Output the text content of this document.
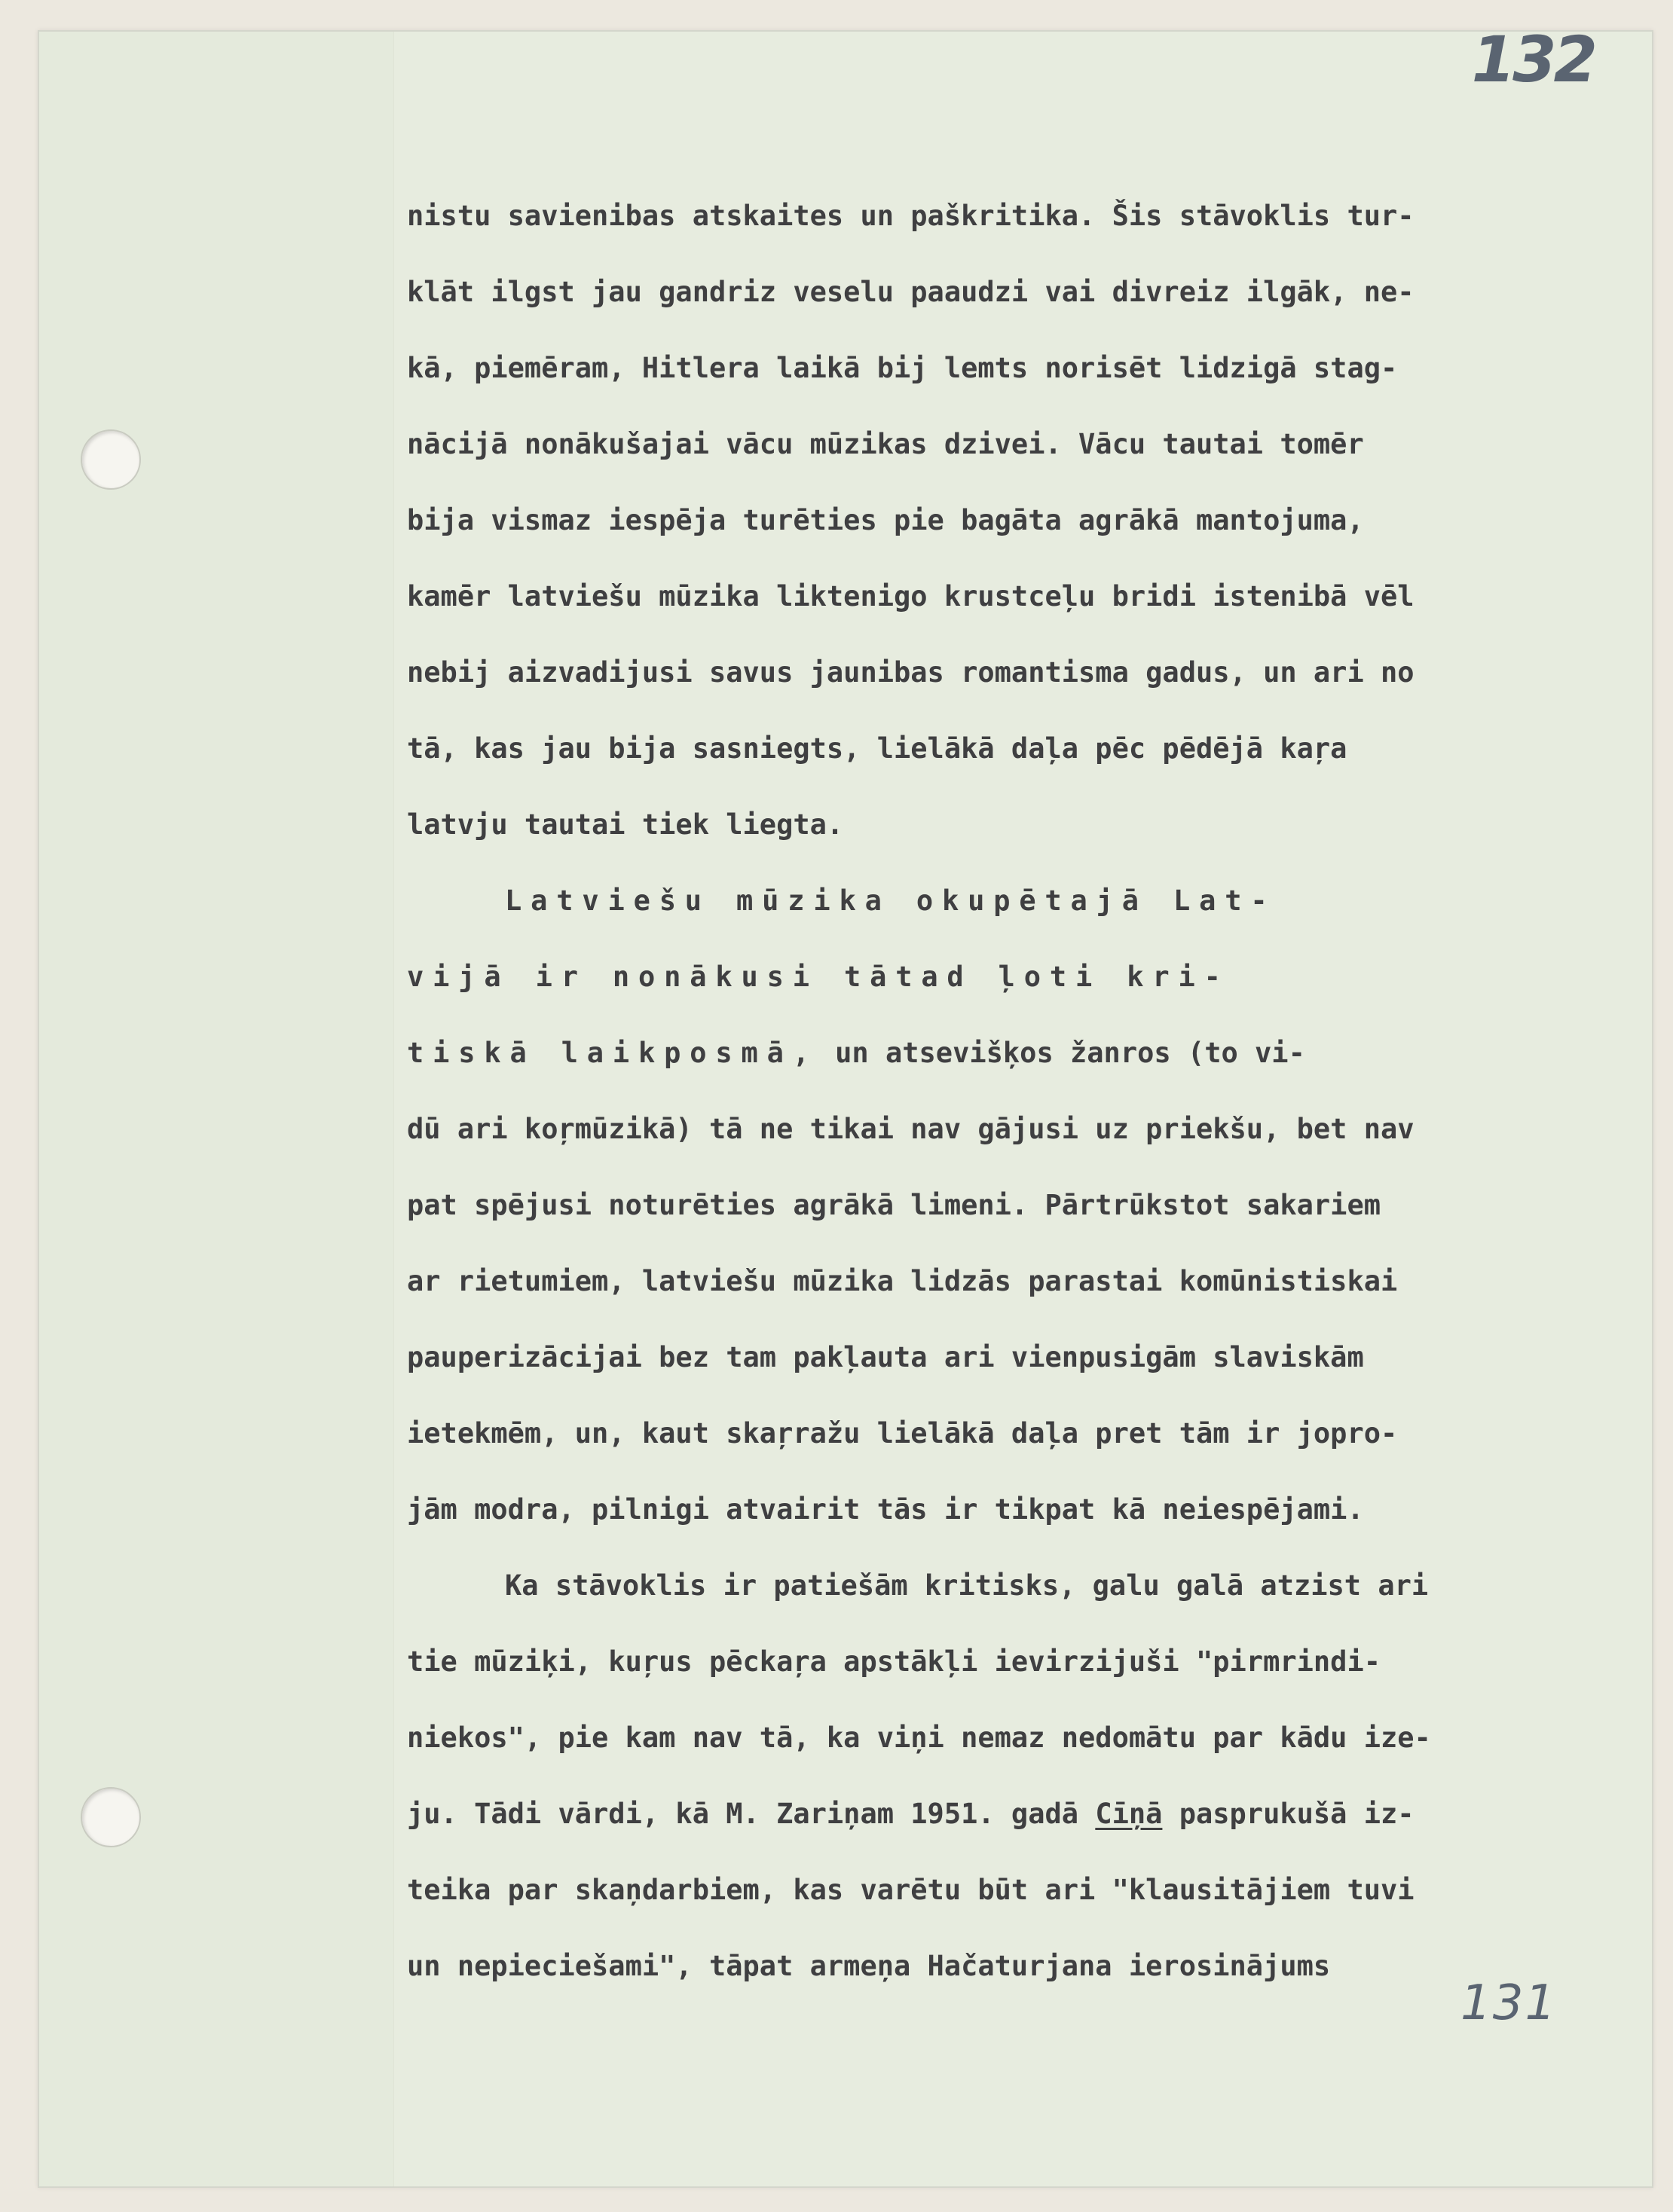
132
131
nistu savienibas atskaites un paškritika. Šis stāvoklis tur-
klāt ilgst jau gandriz veselu paaudzi vai divreiz ilgāk, ne-
kā, piemēram, Hitlera laikā bij lemts norisēt lidzigā stag-
nācijā nonākušajai vācu mūzikas dzivei. Vācu tautai tomēr
bija vismaz iespēja turēties pie bagāta agrākā mantojuma,
kamēr latviešu mūzika liktenigo krustceļu bridi istenibā vēl
nebij aizvadijusi savus jaunibas romantisma gadus, un ari no
tā, kas jau bija sasniegts, lielākā daļa pēc pēdējā kaŗa
latvju tautai tiek liegta.
Latviešu mūzika okupētajā Lat-
vijā ir nonākusi tātad ļoti kri-
tiskā laikposmā, un atsevišķos žanros (to vi-
dū ari koŗmūzikā) tā ne tikai nav gājusi uz priekšu, bet nav
pat spējusi noturēties agrākā limeni. Pārtrūkstot sakariem
ar rietumiem, latviešu mūzika lidzās parastai komūnistiskai
pauperizācijai bez tam pakļauta ari vienpusigām slaviskām
ietekmēm, un, kaut skaŗražu lielākā daļa pret tām ir jopro-
jām modra, pilnigi atvairit tās ir tikpat kā neiespējami.
Ka stāvoklis ir patiešām kritisks, galu galā atzist ari
tie mūziķi, kuŗus pēckaŗa apstākļi ievirzijuši "pirmrindi-
niekos", pie kam nav tā, ka viņi nemaz nedomātu par kādu ize-
ju. Tādi vārdi, kā M. Zariņam 1951. gadā Cīņā pasprukušā iz-
teika par skaņdarbiem, kas varētu būt ari "klausitājiem tuvi
un nepieciešami", tāpat armeņa Hačaturjana ierosinājums
